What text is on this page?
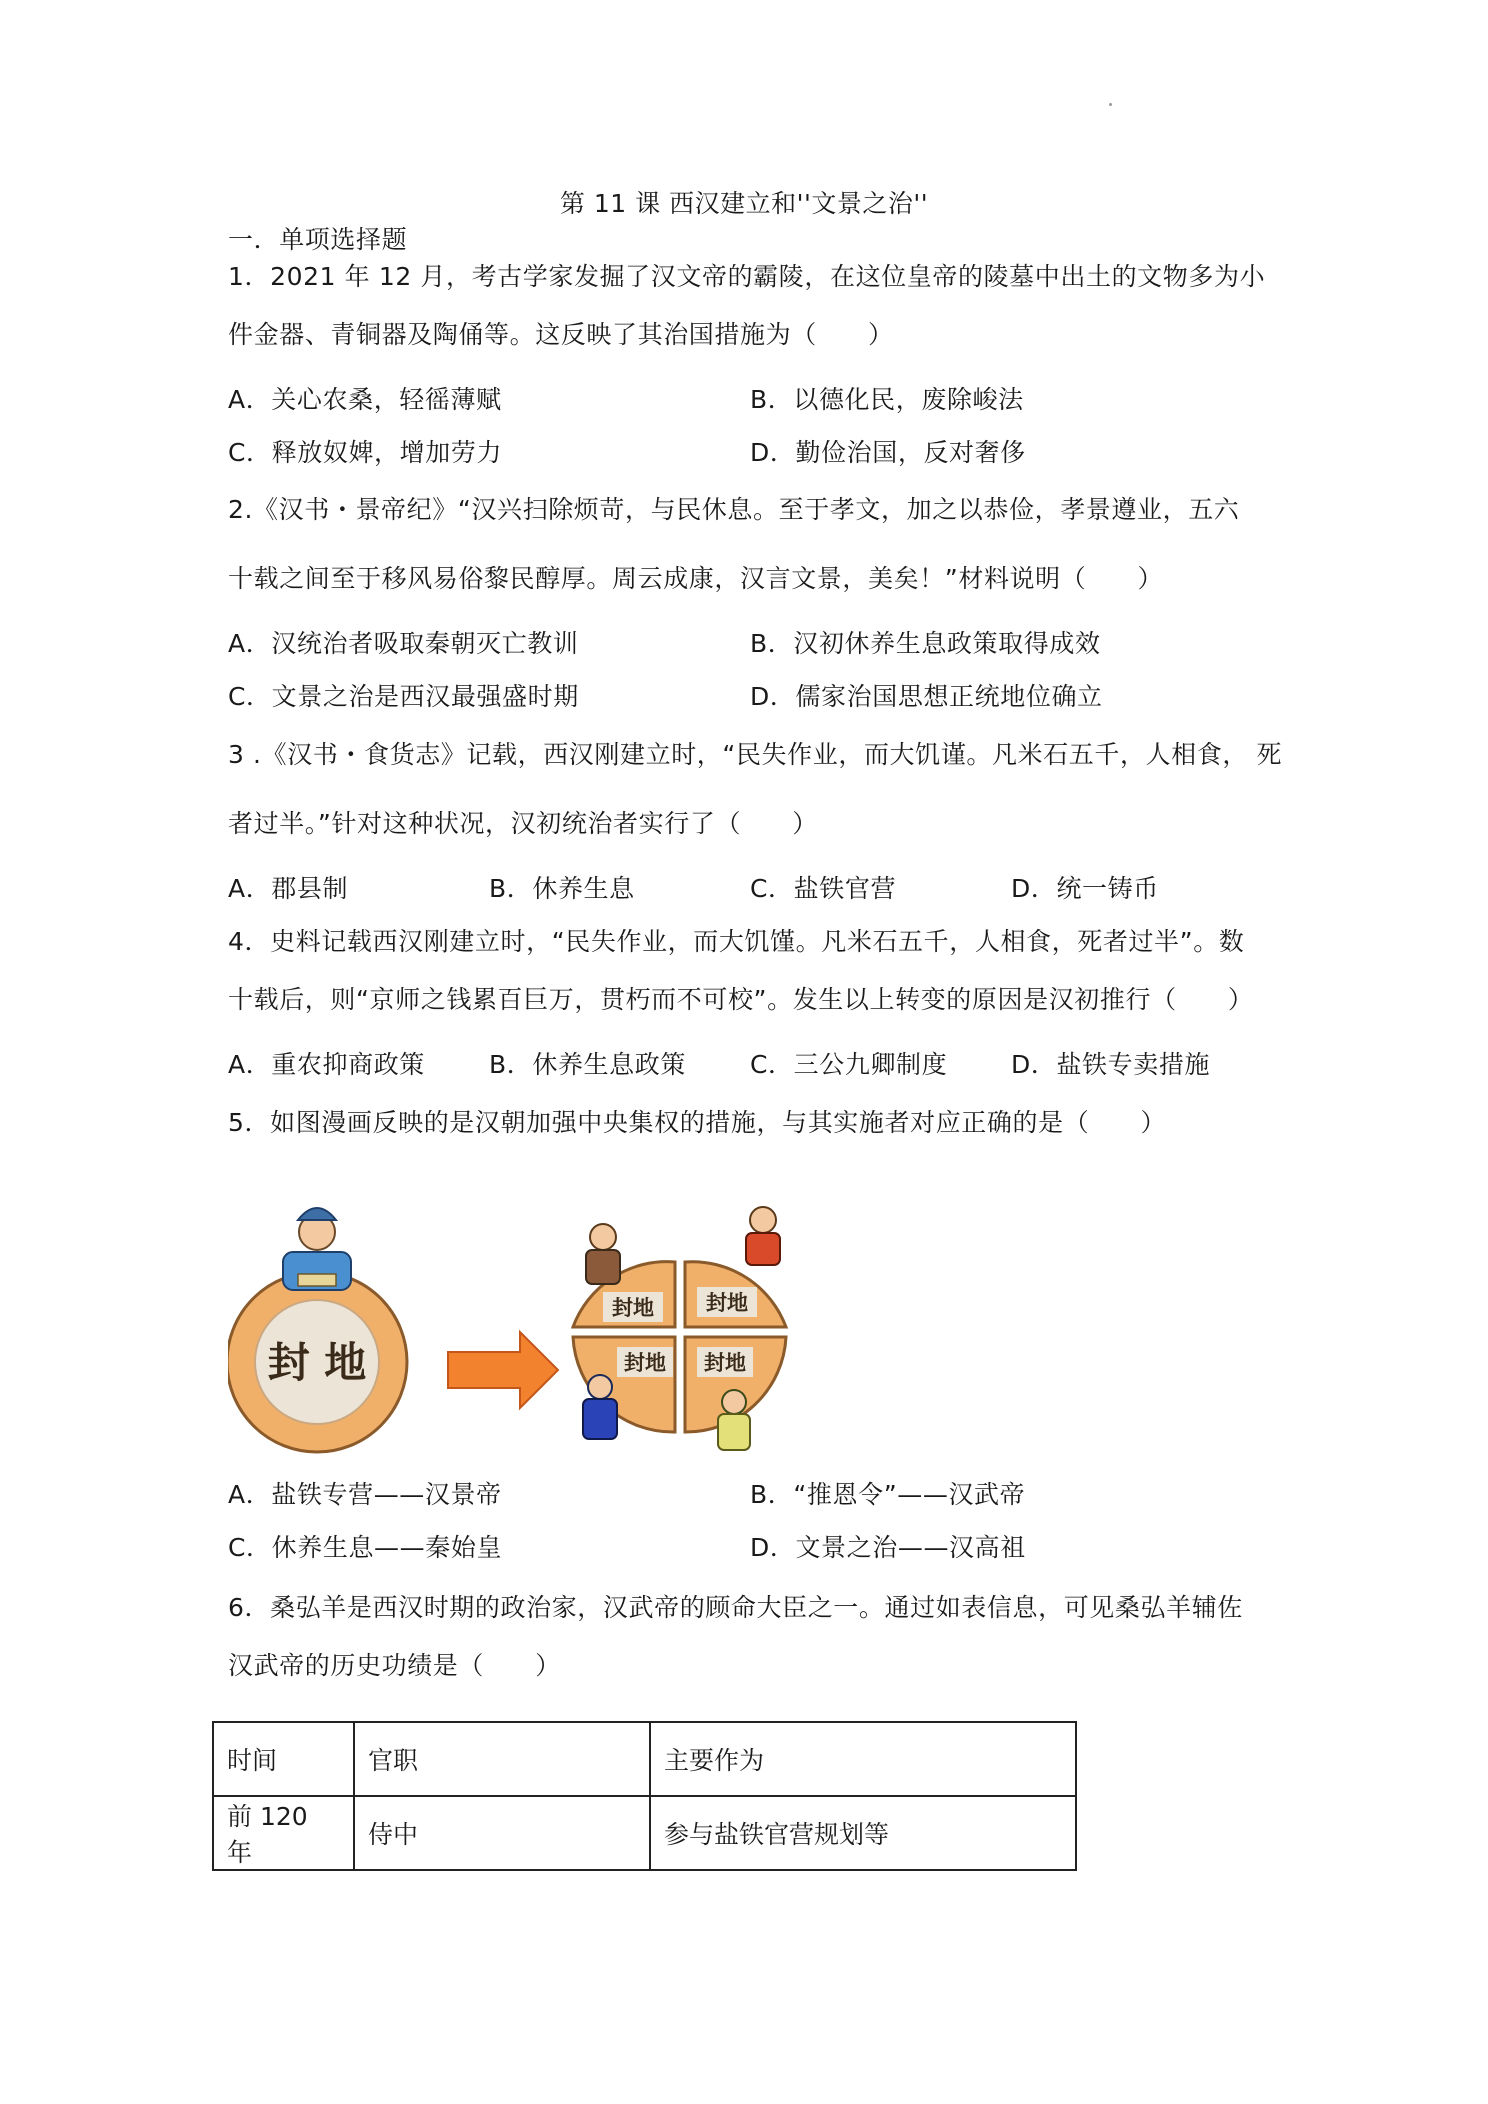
第 11 课 西汉建立和''文景之治''
一．单项选择题
1．2021 年 12 月，考古学家发掘了汉文帝的霸陵，在这位皇帝的陵墓中出土的文物多为小
件金器、青铜器及陶俑等。这反映了其治国措施为（　　）
A．关心农桑，轻徭薄赋	B．以德化民，废除峻法
C．释放奴婢，增加劳力	D．勤俭治国，反对奢侈
2.《汉书・景帝纪》“汉兴扫除烦苛，与民休息。至于孝文，加之以恭俭，孝景遵业，五六
十载之间至于移风易俗黎民醇厚。周云成康，汉言文景，美矣！”材料说明（　　）
A．汉统治者吸取秦朝灭亡教训	B．汉初休养生息政策取得成效
C．文景之治是西汉最强盛时期	D．儒家治国思想正统地位确立
3 .《汉书・食货志》记载，西汉刚建立时，“民失作业，而大饥谨。凡米石五千，人相食， 死
者过半。”针对这种状况，汉初统治者实行了（　　）
A．郡县制	B．休养生息	C．盐铁官营	D．统一铸币
4．史料记载西汉刚建立时，“民失作业，而大饥馑。凡米石五千，人相食，死者过半”。数
十载后，则“京师之钱累百巨万，贯朽而不可校”。发生以上转变的原因是汉初推行（　　）
A．重农抑商政策	B．休养生息政策	C．三公九卿制度	D．盐铁专卖措施
5．如图漫画反映的是汉朝加强中央集权的措施，与其实施者对应正确的是（　　）
封 地
封地 封地
封地 封地
A．盐铁专营——汉景帝	B．“推恩令”——汉武帝
C．休养生息——秦始皇	D．文景之治——汉高祖
6．桑弘羊是西汉时期的政治家，汉武帝的顾命大臣之一。通过如表信息，可见桑弘羊辅佐
汉武帝的历史功绩是（　　）
时间	官职	主要作为
前 120 年	侍中	参与盐铁官营规划等
